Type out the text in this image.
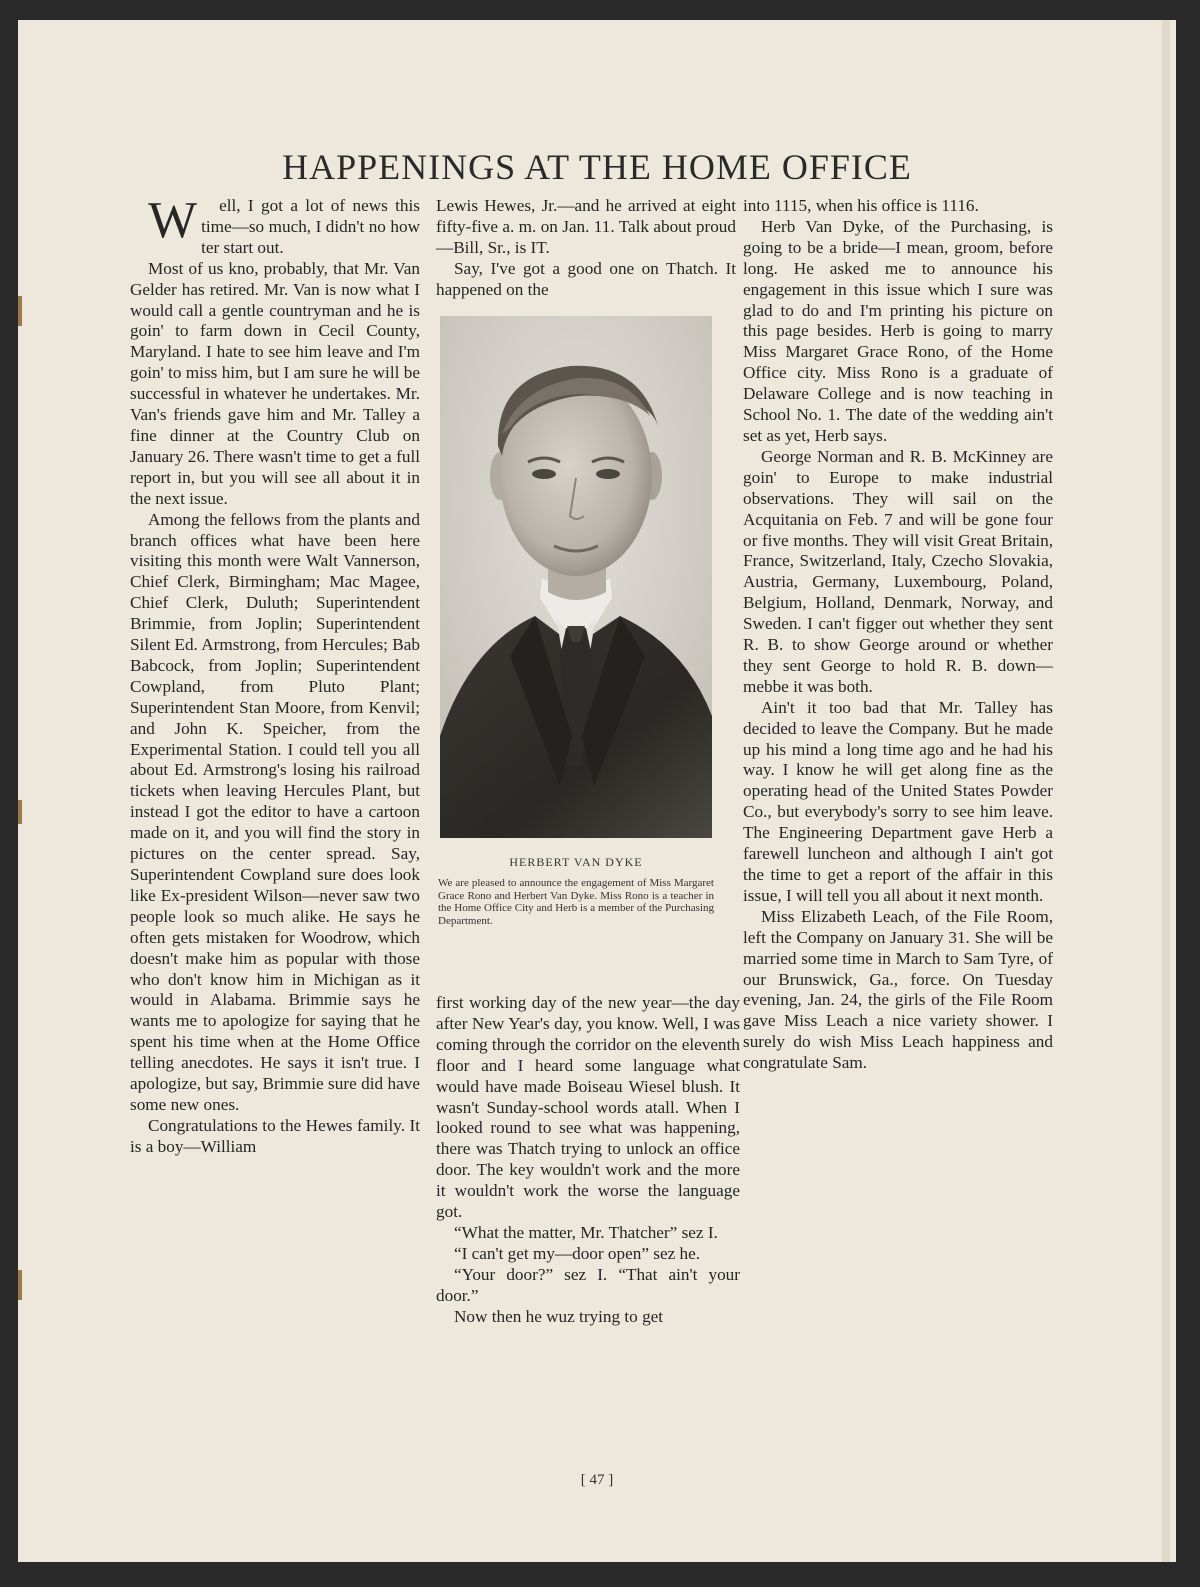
HAPPENINGS AT THE HOME OFFICE

W ell, I got a lot of news this time—so much, I didn't no how ter start out.

Most of us kno, probably, that Mr. Van Gelder has retired. Mr. Van is now what I would call a gentle countryman and he is goin' to farm down in Cecil County, Maryland. I hate to see him leave and I'm goin' to miss him, but I am sure he will be successful in whatever he undertakes. Mr. Van's friends gave him and Mr. Talley a fine dinner at the Country Club on January 26. There wasn't time to get a full report in, but you will see all about it in the next issue.

Among the fellows from the plants and branch offices what have been here visiting this month were Walt Vannerson, Chief Clerk, Birmingham; Mac Magee, Chief Clerk, Duluth; Superintendent Brimmie, from Joplin; Superintendent Silent Ed. Armstrong, from Hercules; Bab Babcock, from Joplin; Superintendent Cowpland, from Pluto Plant; Superintendent Stan Moore, from Kenvil; and John K. Speicher, from the Experimental Station. I could tell you all about Ed. Armstrong's losing his railroad tickets when leaving Hercules Plant, but instead I got the editor to have a cartoon made on it, and you will find the story in pictures on the center spread. Say, Superintendent Cowpland sure does look like Ex-president Wilson—never saw two people look so much alike. He says he often gets mistaken for Woodrow, which doesn't make him as popular with those who don't know him in Michigan as it would in Alabama. Brimmie says he wants me to apologize for saying that he spent his time when at the Home Office telling anecdotes. He says it isn't true. I apologize, but say, Brimmie sure did have some new ones.

Congratulations to the Hewes family. It is a boy—William

Lewis Hewes, Jr.—and he arrived at eight fifty-five a. m. on Jan. 11. Talk about proud—Bill, Sr., is IT.

Say, I've got a good one on Thatch. It happened on the

HERBERT VAN DYKE
We are pleased to announce the engagement of Miss Margaret Grace Rono and Herbert Van Dyke. Miss Rono is a teacher in the Home Office City and Herb is a member of the Purchasing Department.

first working day of the new year—the day after New Year's day, you know. Well, I was coming through the corridor on the eleventh floor and I heard some language what would have made Boiseau Wiesel blush. It wasn't Sunday-school words atall. When I looked round to see what was happening, there was Thatch trying to unlock an office door. The key wouldn't work and the more it wouldn't work the worse the language got.

“What the matter, Mr. Thatcher” sez I.

“I can't get my—door open” sez he.

“Your door?” sez I. “That ain't your door.”

Now then he wuz trying to get

into 1115, when his office is 1116.

Herb Van Dyke, of the Purchasing, is going to be a bride—I mean, groom, before long. He asked me to announce his engagement in this issue which I sure was glad to do and I'm printing his picture on this page besides. Herb is going to marry Miss Margaret Grace Rono, of the Home Office city. Miss Rono is a graduate of Delaware College and is now teaching in School No. 1. The date of the wedding ain't set as yet, Herb says.

George Norman and R. B. McKinney are goin' to Europe to make industrial observations. They will sail on the Acquitania on Feb. 7 and will be gone four or five months. They will visit Great Britain, France, Switzerland, Italy, Czecho Slovakia, Austria, Germany, Luxembourg, Poland, Belgium, Holland, Denmark, Norway, and Sweden. I can't figger out whether they sent R. B. to show George around or whether they sent George to hold R. B. down—mebbe it was both.

Ain't it too bad that Mr. Talley has decided to leave the Company. But he made up his mind a long time ago and he had his way. I know he will get along fine as the operating head of the United States Powder Co., but everybody's sorry to see him leave. The Engineering Department gave Herb a farewell luncheon and although I ain't got the time to get a report of the affair in this issue, I will tell you all about it next month.

Miss Elizabeth Leach, of the File Room, left the Company on January 31. She will be married some time in March to Sam Tyre, of our Brunswick, Ga., force. On Tuesday evening, Jan. 24, the girls of the File Room gave Miss Leach a nice variety shower. I surely do wish Miss Leach happiness and congratulate Sam.

[ 47 ]
